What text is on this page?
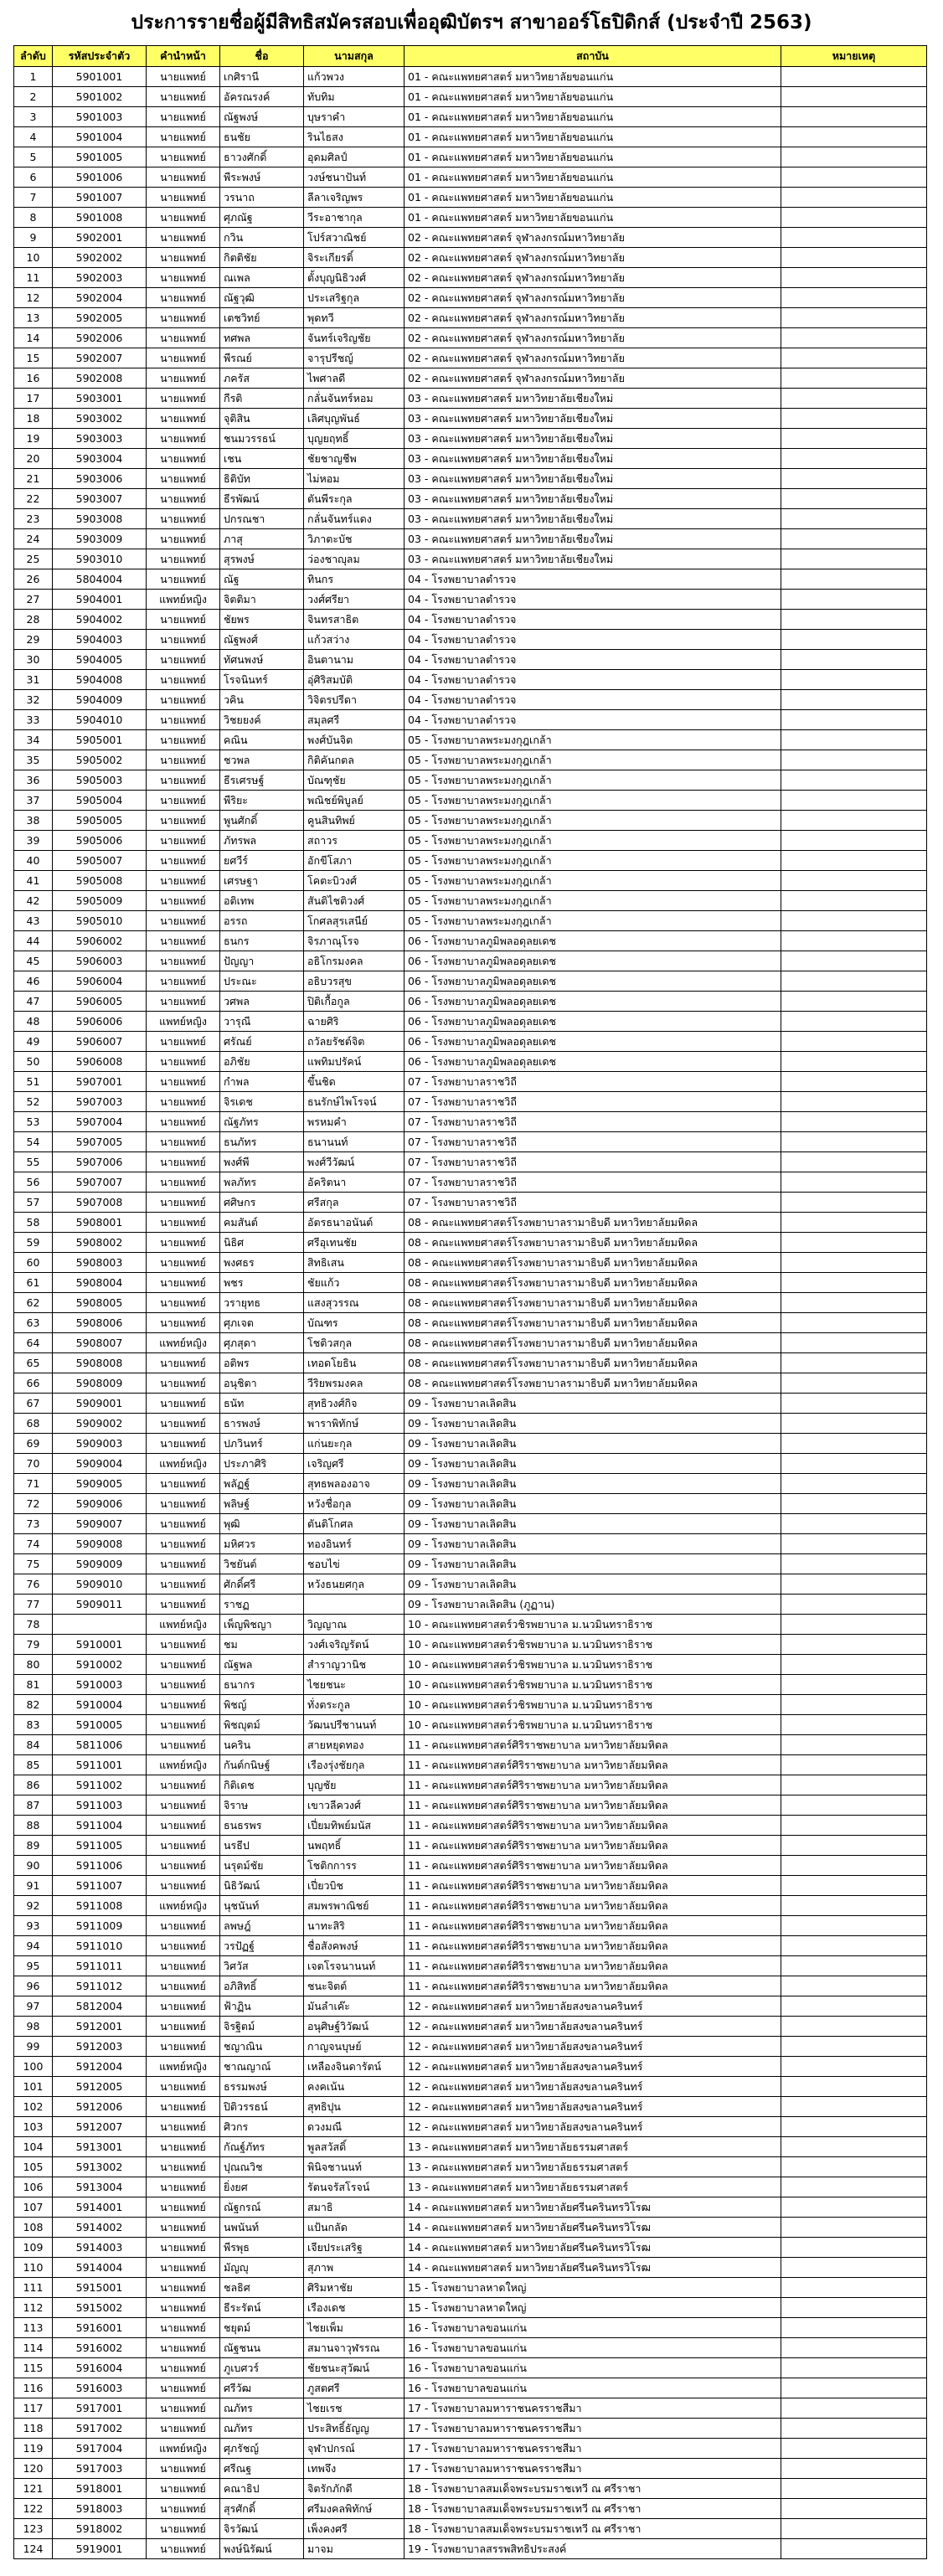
ประการรายชื่อผู้มีสิทธิสมัครสอบเพื่ออุฒิบัตรฯ สาขาออร์โธปิดิกส์ (ประจำปี 2563)
ลำดับ	รหัสประจำตัว	คำนำหน้า	ชื่อ	นามสกุล	สถาบัน	หมายเหตุ
1	5901001	นายแพทย์	เกศิรานี	แก้วพวง	01 - คณะแพทยศาสตร์ มหาวิทยาลัยขอนแก่น	
2	5901002	นายแพทย์	อัครณรงค์	ทับทิม	01 - คณะแพทยศาสตร์ มหาวิทยาลัยขอนแก่น	
3	5901003	นายแพทย์	ณัฐพงษ์	บุษราคำ	01 - คณะแพทยศาสตร์ มหาวิทยาลัยขอนแก่น	
4	5901004	นายแพทย์	ธนชัย	รินไธสง	01 - คณะแพทยศาสตร์ มหาวิทยาลัยขอนแก่น	
5	5901005	นายแพทย์	ธาวงศักดิ์	อุดมศิลป์	01 - คณะแพทยศาสตร์ มหาวิทยาลัยขอนแก่น	
6	5901006	นายแพทย์	พีระพงษ์	วงษ์ชนาปันท์	01 - คณะแพทยศาสตร์ มหาวิทยาลัยขอนแก่น	
7	5901007	นายแพทย์	วรนาถ	ลีลาเจริญพร	01 - คณะแพทยศาสตร์ มหาวิทยาลัยขอนแก่น	
8	5901008	นายแพทย์	ศุภณัฐ	วีระอาชากุล	01 - คณะแพทยศาสตร์ มหาวิทยาลัยขอนแก่น	
9	5902001	นายแพทย์	กวิน	โปร์สวาณิชย์	02 - คณะแพทยศาสตร์ จุฬาลงกรณ์มหาวิทยาลัย	
10	5902002	นายแพทย์	กิตติชัย	จิระเกียรติ์	02 - คณะแพทยศาสตร์ จุฬาลงกรณ์มหาวิทยาลัย	
11	5902003	นายแพทย์	ณเพล	ตั้งบุญนิธิวงศ์	02 - คณะแพทยศาสตร์ จุฬาลงกรณ์มหาวิทยาลัย	
12	5902004	นายแพทย์	ณัฐวุฒิ	ประเสริฐกุล	02 - คณะแพทยศาสตร์ จุฬาลงกรณ์มหาวิทยาลัย	
13	5902005	นายแพทย์	เตชวิทย์	พุดทวี	02 - คณะแพทยศาสตร์ จุฬาลงกรณ์มหาวิทยาลัย	
14	5902006	นายแพทย์	ทศพล	จันทร์เจริญชัย	02 - คณะแพทยศาสตร์ จุฬาลงกรณ์มหาวิทยาลัย	
15	5902007	นายแพทย์	พีรณย์	จารุปรีชญ์	02 - คณะแพทยศาสตร์ จุฬาลงกรณ์มหาวิทยาลัย	
16	5902008	นายแพทย์	ภครัส	ไพศาลดี	02 - คณะแพทยศาสตร์ จุฬาลงกรณ์มหาวิทยาลัย	
17	5903001	นายแพทย์	กีรติ	กลั่นจันทร์หอม	03 - คณะแพทยศาสตร์ มหาวิทยาลัยเชียงใหม่	
18	5903002	นายแพทย์	จุติสิน	เลิศบุญพันธ์	03 - คณะแพทยศาสตร์ มหาวิทยาลัยเชียงใหม่	
19	5903003	นายแพทย์	ชนมวรรธน์	บุญยฤทธิ์	03 - คณะแพทยศาสตร์ มหาวิทยาลัยเชียงใหม่	
20	5903004	นายแพทย์	เชน	ชัยชาญชีพ	03 - คณะแพทยศาสตร์ มหาวิทยาลัยเชียงใหม่	
21	5903006	นายแพทย์	ธิติบัท	ไม่หอม	03 - คณะแพทยศาสตร์ มหาวิทยาลัยเชียงใหม่	
22	5903007	นายแพทย์	ธีรพัฒน์	ตันพีระกุล	03 - คณะแพทยศาสตร์ มหาวิทยาลัยเชียงใหม่	
23	5903008	นายแพทย์	ปกรณชา	กลั่นจันทร์แดง	03 - คณะแพทยศาสตร์ มหาวิทยาลัยเชียงใหม่	
24	5903009	นายแพทย์	ภาสุ	วิภาตะบัช	03 - คณะแพทยศาสตร์ มหาวิทยาลัยเชียงใหม่	
25	5903010	นายแพทย์	สุรพงษ์	ว่องชาญุลม	03 - คณะแพทยศาสตร์ มหาวิทยาลัยเชียงใหม่	
26	5804004	นายแพทย์	ณัฐ	ทินกร	04 - โรงพยาบาลตำรวจ	
27	5904001	แพทย์หญิง	จิตติมา	วงศ์ศรียา	04 - โรงพยาบาลตำรวจ	
28	5904002	นายแพทย์	ชัยพร	จินทรสาธิต	04 - โรงพยาบาลตำรวจ	
29	5904003	นายแพทย์	ณัฐพงศ์	แก้วสว่าง	04 - โรงพยาบาลตำรวจ	
30	5904005	นายแพทย์	ทัศนพงษ์	อินตานาม	04 - โรงพยาบาลตำรวจ	
31	5904008	นายแพทย์	โรจนินทร์	อุ่ศิริสมบัติ	04 - โรงพยาบาลตำรวจ	
32	5904009	นายแพทย์	วคิน	วิจิตรปรีดา	04 - โรงพยาบาลตำรวจ	
33	5904010	นายแพทย์	วิชยยงค์	สมุลศรี	04 - โรงพยาบาลตำรวจ	
34	5905001	นายแพทย์	คณิน	พงศ์บันจิต	05 - โรงพยาบาลพระมงกุฎเกล้า	
35	5905002	นายแพทย์	ชวพล	กิติคันกตล	05 - โรงพยาบาลพระมงกุฎเกล้า	
36	5905003	นายแพทย์	ธีรเศรษฐ์	บัณฑุชัย	05 - โรงพยาบาลพระมงกุฎเกล้า	
37	5905004	นายแพทย์	พีริยะ	พณิชย์พิบูลย์	05 - โรงพยาบาลพระมงกุฎเกล้า	
38	5905005	นายแพทย์	พูนศักดิ์	คูนสินทิพย์	05 - โรงพยาบาลพระมงกุฎเกล้า	
39	5905006	นายแพทย์	ภัทรพล	สถาวร	05 - โรงพยาบาลพระมงกุฎเกล้า	
40	5905007	นายแพทย์	ยศวีร์	อักขีโสภา	05 - โรงพยาบาลพระมงกุฎเกล้า	
41	5905008	นายแพทย์	เศรษฐา	โคตะบิวงศ์	05 - โรงพยาบาลพระมงกุฎเกล้า	
42	5905009	นายแพทย์	อติเทพ	สันติไชติวงศ์	05 - โรงพยาบาลพระมงกุฎเกล้า	
43	5905010	นายแพทย์	อรรถ	โกศลสุรเสนีย์	05 - โรงพยาบาลพระมงกุฎเกล้า	
44	5906002	นายแพทย์	ธนกร	จิรภาณุโรจ	06 - โรงพยาบาลภูมิพลอดุลยเดช	
45	5906003	นายแพทย์	ปัญญา	อธิโกรมงคล	06 - โรงพยาบาลภูมิพลอดุลยเดช	
46	5906004	นายแพทย์	ประณะ	อธิบวรสุข	06 - โรงพยาบาลภูมิพลอดุลยเดช	
47	5906005	นายแพทย์	วศพล	ปิติเกื้อกูล	06 - โรงพยาบาลภูมิพลอดุลยเดช	
48	5906006	แพทย์หญิง	วารุณี	ฉายศิริ	06 - โรงพยาบาลภูมิพลอดุลยเดช	
49	5906007	นายแพทย์	ศรัณย์	ถวัลยรัชต์จิต	06 - โรงพยาบาลภูมิพลอดุลยเดช	
50	5906008	นายแพทย์	อภิชัย	แพทิมปรัคน์	06 - โรงพยาบาลภูมิพลอดุลยเดช	
51	5907001	นายแพทย์	กำพล	ขึ้นชิด	07 - โรงพยาบาลราชวิถี	
52	5907003	นายแพทย์	จิรเดช	ธนรักษ์ไพโรจน์	07 - โรงพยาบาลราชวิถี	
53	5907004	นายแพทย์	ณัฐภัทร	พรหมคำ	07 - โรงพยาบาลราชวิถี	
54	5907005	นายแพทย์	ธนภัทร	ธนานนท์	07 - โรงพยาบาลราชวิถี	
55	5907006	นายแพทย์	พงศ์พี	พงศ์วีวัฒน์	07 - โรงพยาบาลราชวิถี	
56	5907007	นายแพทย์	พลภัทร	อัคริตนา	07 - โรงพยาบาลราชวิถี	
57	5907008	นายแพทย์	ศศิษกร	ศรีสกุล	07 - โรงพยาบาลราชวิถี	
58	5908001	นายแพทย์	คมสันต์	อัตรธนาอนันต์	08 - คณะแพทยศาสตร์โรงพยาบาลรามาธิบดี มหาวิทยาลัยมหิดล	
59	5908002	นายแพทย์	นิธิศ	ศรีอุเทนชัย	08 - คณะแพทยศาสตร์โรงพยาบาลรามาธิบดี มหาวิทยาลัยมหิดล	
60	5908003	นายแพทย์	พงศธร	สิทธิเสน	08 - คณะแพทยศาสตร์โรงพยาบาลรามาธิบดี มหาวิทยาลัยมหิดล	
61	5908004	นายแพทย์	พชร	ชัยแก้ว	08 - คณะแพทยศาสตร์โรงพยาบาลรามาธิบดี มหาวิทยาลัยมหิดล	
62	5908005	นายแพทย์	วรายุทธ	แสงสุวรรณ	08 - คณะแพทยศาสตร์โรงพยาบาลรามาธิบดี มหาวิทยาลัยมหิดล	
63	5908006	นายแพทย์	ศุภเจต	บัณฑร	08 - คณะแพทยศาสตร์โรงพยาบาลรามาธิบดี มหาวิทยาลัยมหิดล	
64	5908007	แพทย์หญิง	ศุภสุดา	โชติวสกุล	08 - คณะแพทยศาสตร์โรงพยาบาลรามาธิบดี มหาวิทยาลัยมหิดล	
65	5908008	นายแพทย์	อติพร	เทอดโยธิน	08 - คณะแพทยศาสตร์โรงพยาบาลรามาธิบดี มหาวิทยาลัยมหิดล	
66	5908009	นายแพทย์	อนุชิตา	วีริยพรมงคล	08 - คณะแพทยศาสตร์โรงพยาบาลรามาธิบดี มหาวิทยาลัยมหิดล	
67	5909001	นายแพทย์	ธนัท	สุทธิวงศ์กิจ	09 - โรงพยาบาลเลิดสิน	
68	5909002	นายแพทย์	ธารพงษ์	พาราพิทักษ์	09 - โรงพยาบาลเลิดสิน	
69	5909003	นายแพทย์	ปภวินทร์	แก่นยะกุล	09 - โรงพยาบาลเลิดสิน	
70	5909004	แพทย์หญิง	ประภาศิริ	เจริญศรี	09 - โรงพยาบาลเลิดสิน	
71	5909005	นายแพทย์	พลัฏฐ์	สุทธพลองอาจ	09 - โรงพยาบาลเลิดสิน	
72	5909006	นายแพทย์	พลิษฐ์	หวังชื่อกุล	09 - โรงพยาบาลเลิดสิน	
73	5909007	นายแพทย์	พุฒิ	ตันติโกศล	09 - โรงพยาบาลเลิดสิน	
74	5909008	นายแพทย์	มหิศวร	ทองอินทร์	09 - โรงพยาบาลเลิดสิน	
75	5909009	นายแพทย์	วิชยันต์	ชอบไข่	09 - โรงพยาบาลเลิดสิน	
76	5909010	นายแพทย์	ศักดิ์ศรี	หวังธนยศกุล	09 - โรงพยาบาลเลิดสิน	
77	5909011	นายแพทย์	ราชฏ		09 - โรงพยาบาลเลิดสิน (ภูฏาน)	
78		แพทย์หญิง	เพ็ญพิชญา	วิญญาณ	10 - คณะแพทยศาสตร์วชิรพยาบาล ม.นวมินทราธิราช	
79	5910001	นายแพทย์	ชม	วงศ์เจริญรัตน์	10 - คณะแพทยศาสตร์วชิรพยาบาล ม.นวมินทราธิราช	
80	5910002	นายแพทย์	ณัฐพล	สำราญวานิช	10 - คณะแพทยศาสตร์วชิรพยาบาล ม.นวมินทราธิราช	
81	5910003	นายแพทย์	ธนากร	ไชยชนะ	10 - คณะแพทยศาสตร์วชิรพยาบาล ม.นวมินทราธิราช	
82	5910004	นายแพทย์	พิชญ์	ทั่งตระกูล	10 - คณะแพทยศาสตร์วชิรพยาบาล ม.นวมินทราธิราช	
83	5910005	นายแพทย์	พิชญุตม์	วัฒนปรีชานนท์	10 - คณะแพทยศาสตร์วชิรพยาบาล ม.นวมินทราธิราช	
84	5811006	นายแพทย์	นคริน	สายหยุดทอง	11 - คณะแพทยศาสตร์ศิริราชพยาบาล มหาวิทยาลัยมหิดล	
85	5911001	แพทย์หญิง	กันต์กนิษฐ์	เรืองรุ่งชัยกุล	11 - คณะแพทยศาสตร์ศิริราชพยาบาล มหาวิทยาลัยมหิดล	
86	5911002	นายแพทย์	กิติเดช	บุญชัย	11 - คณะแพทยศาสตร์ศิริราชพยาบาล มหาวิทยาลัยมหิดล	
87	5911003	นายแพทย์	จิราษ	เขาวลีควงศ์	11 - คณะแพทยศาสตร์ศิริราชพยาบาล มหาวิทยาลัยมหิดล	
88	5911004	นายแพทย์	ธนธรพร	เปี่ยมทิพย์มนัส	11 - คณะแพทยศาสตร์ศิริราชพยาบาล มหาวิทยาลัยมหิดล	
89	5911005	นายแพทย์	นรธีป	นพฤทธิ์	11 - คณะแพทยศาสตร์ศิริราชพยาบาล มหาวิทยาลัยมหิดล	
90	5911006	นายแพทย์	นรุตม์ชัย	โชติกการร	11 - คณะแพทยศาสตร์ศิริราชพยาบาล มหาวิทยาลัยมหิดล	
91	5911007	นายแพทย์	นิธิวัฒน์	เปี่ยวบิช	11 - คณะแพทยศาสตร์ศิริราชพยาบาล มหาวิทยาลัยมหิดล	
92	5911008	แพทย์หญิง	นุชนันท์	สมพรพาณิชย์	11 - คณะแพทยศาสตร์ศิริราชพยาบาล มหาวิทยาลัยมหิดล	
93	5911009	นายแพทย์	ลพษฎ์	นาทะสิริ	11 - คณะแพทยศาสตร์ศิริราชพยาบาล มหาวิทยาลัยมหิดล	
94	5911010	นายแพทย์	วรปัฏฐ์	ชื่อสังคพงษ์	11 - คณะแพทยศาสตร์ศิริราชพยาบาล มหาวิทยาลัยมหิดล	
95	5911011	นายแพทย์	วิศวัส	เจตโรจนานนท์	11 - คณะแพทยศาสตร์ศิริราชพยาบาล มหาวิทยาลัยมหิดล	
96	5911012	นายแพทย์	อภิสิทธิ์	ชนะจิตต์	11 - คณะแพทยศาสตร์ศิริราชพยาบาล มหาวิทยาลัยมหิดล	
97	5812004	นายแพทย์	ฟ้าฏิน	มันลำเค๊ะ	12 - คณะแพทยศาสตร์ มหาวิทยาลัยสงขลานครินทร์	
98	5912001	นายแพทย์	จิรฐิตม์	อนุศิษฐ์วิวัฒน์	12 - คณะแพทยศาสตร์ มหาวิทยาลัยสงขลานครินทร์	
99	5912003	นายแพทย์	ชญาณิน	กาญจนบุษย์	12 - คณะแพทยศาสตร์ มหาวิทยาลัยสงขลานครินทร์	
100	5912004	แพทย์หญิง	ชาณญาณ์	เหลืองจินดารัตน์	12 - คณะแพทยศาสตร์ มหาวิทยาลัยสงขลานครินทร์	
101	5912005	นายแพทย์	ธรรมพงษ์	คงคเน้น	12 - คณะแพทยศาสตร์ มหาวิทยาลัยสงขลานครินทร์	
102	5912006	นายแพทย์	ปิติวรรธน์	สุทธิปุน	12 - คณะแพทยศาสตร์ มหาวิทยาลัยสงขลานครินทร์	
103	5912007	นายแพทย์	ศิวกร	ดวงมณี	12 - คณะแพทยศาสตร์ มหาวิทยาลัยสงขลานครินทร์	
104	5913001	นายแพทย์	กัณฐ์ภัทร	พูลสวัสดิ์	13 - คณะแพทยศาสตร์ มหาวิทยาลัยธรรมศาสตร์	
105	5913002	นายแพทย์	ปุณณวิช	พินิจชานนท์	13 - คณะแพทยศาสตร์ มหาวิทยาลัยธรรมศาสตร์	
106	5913004	นายแพทย์	ยิ่งยศ	รัตนจรัสโรจน์	13 - คณะแพทยศาสตร์ มหาวิทยาลัยธรรมศาสตร์	
107	5914001	นายแพทย์	ณัฐกรณ์	สมาธิ	14 - คณะแพทยศาสตร์ มหาวิทยาลัยศรีนครินทรวิโรฒ	
108	5914002	นายแพทย์	นพนันท์	แป้นกลัด	14 - คณะแพทยศาสตร์ มหาวิทยาลัยศรีนครินทรวิโรฒ	
109	5914003	นายแพทย์	พีรพุธ	เจียประเสริฐ	14 - คณะแพทยศาสตร์ มหาวิทยาลัยศรีนครินทรวิโรฒ	
110	5914004	นายแพทย์	มัญญุ	สุภาพ	14 - คณะแพทยศาสตร์ มหาวิทยาลัยศรีนครินทรวิโรฒ	
111	5915001	นายแพทย์	ชลธิศ	ศิริมหาชัย	15 - โรงพยาบาลหาดใหญ่	
112	5915002	นายแพทย์	ธีระรัตน์	เรืองเดช	15 - โรงพยาบาลหาดใหญ่	
113	5916001	นายแพทย์	ชยุตม์	ไชยเพ็ม	16 - โรงพยาบาลขอนแก่น	
114	5916002	นายแพทย์	ณัฐชนน	สมานจาวุฬรรณ	16 - โรงพยาบาลขอนแก่น	
115	5916004	นายแพทย์	ภูเบศวร์	ชัยชนะสุวัฒน์	16 - โรงพยาบาลขอนแก่น	
116	5916003	นายแพทย์	ศรีวัฒ	ภูสตศรี	16 - โรงพยาบาลขอนแก่น	
117	5917001	นายแพทย์	ณภัทร	ไชยเรช	17 - โรงพยาบาลมหาราชนครราชสีมา	
118	5917002	นายแพทย์	ณภัทร	ประสิทธิ์ธัญญ	17 - โรงพยาบาลมหาราชนครราชสีมา	
119	5917004	แพทย์หญิง	ศุภรัชญ์	จุฬาปกรณ์	17 - โรงพยาบาลมหาราชนครราชสีมา	
120	5917003	นายแพทย์	ศรีณฐ	เทพจึง	17 - โรงพยาบาลมหาราชนครราชสีมา	
121	5918001	นายแพทย์	คณาธิป	จิตรักภักดี	18 - โรงพยาบาลสมเด็จพระบรมราชเทวี ณ ศรีราชา	
122	5918003	นายแพทย์	สุรศักดิ์	ศรีมงคลพิทักษ์	18 - โรงพยาบาลสมเด็จพระบรมราชเทวี ณ ศรีราชา	
123	5918002	นายแพทย์	จิรวัฒน์	เพ็งคงศรี	18 - โรงพยาบาลสมเด็จพระบรมราชเทวี ณ ศรีราชา	
124	5919001	นายแพทย์	พงษ์นิรัฒน์	มาจม	19 - โรงพยาบาลสรรพสิทธิประสงค์	
